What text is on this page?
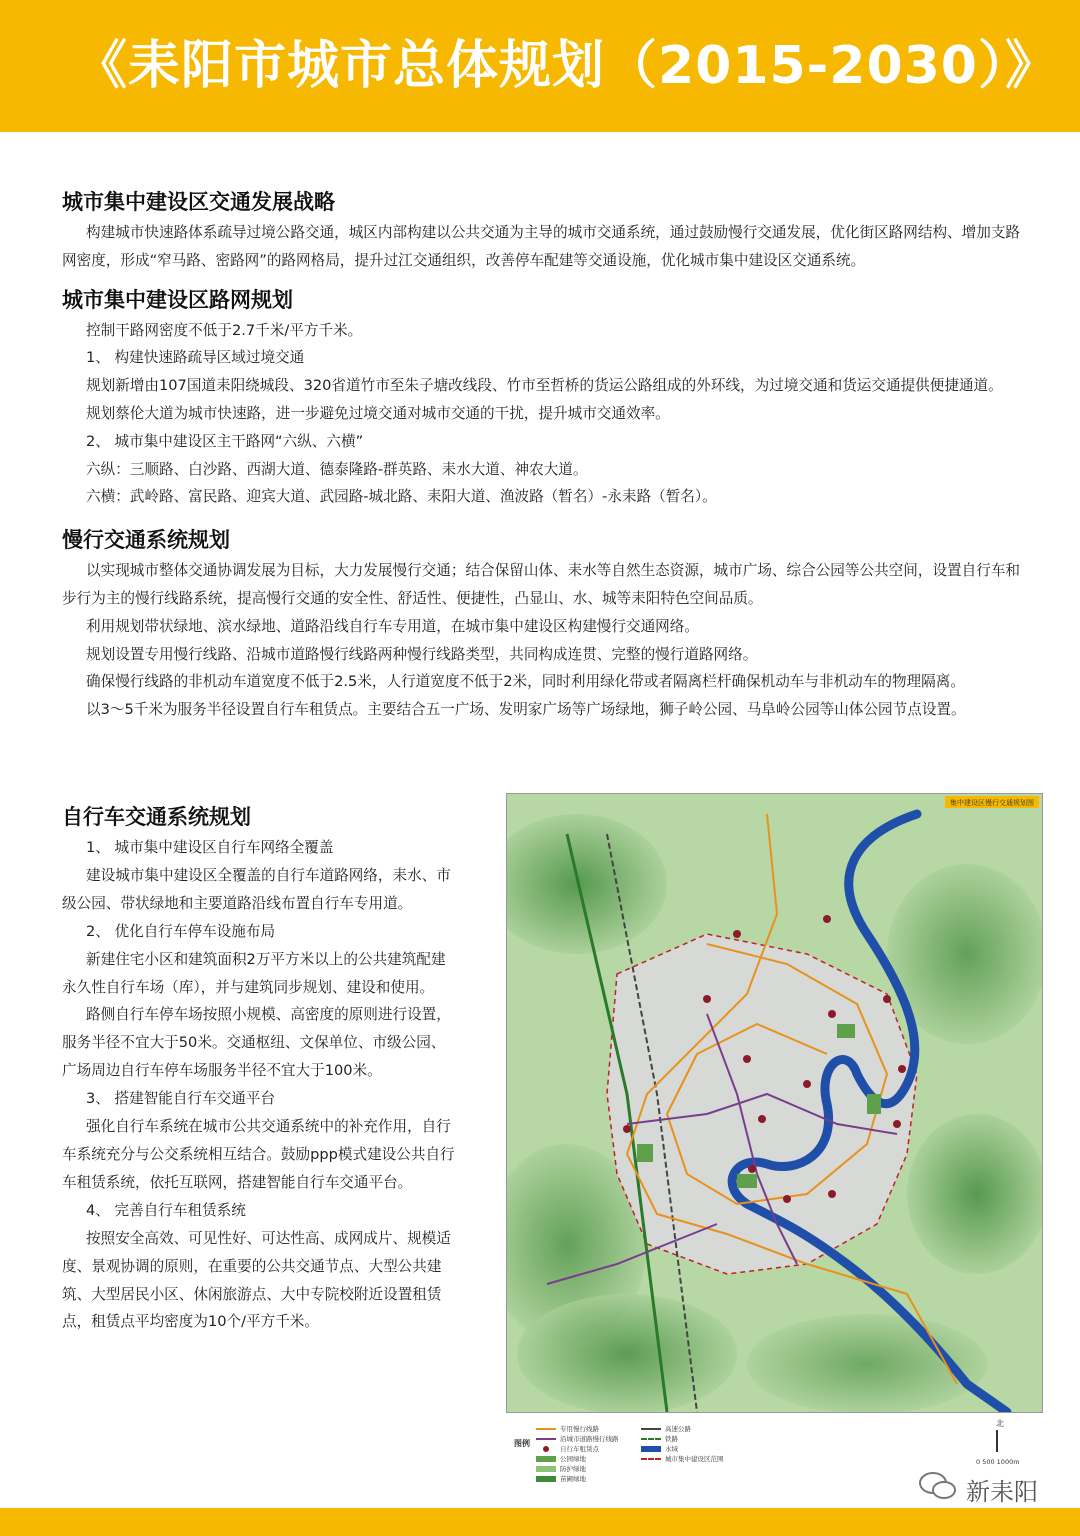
《耒阳市城市总体规划（2015-2030）》
城市集中建设区交通发展战略

构建城市快速路体系疏导过境公路交通，城区内部构建以公共交通为主导的城市交通系统，通过鼓励慢行交通发展，优化街区路网结构、增加支路网密度，形成“窄马路、密路网”的路网格局，提升过江交通组织，改善停车配建等交通设施，优化城市集中建设区交通系统。

城市集中建设区路网规划

控制干路网密度不低于2.7千米/平方千米。

1、 构建快速路疏导区域过境交通

规划新增由107国道耒阳绕城段、320省道竹市至朱子塘改线段、竹市至哲桥的货运公路组成的外环线，为过境交通和货运交通提供便捷通道。

规划蔡伦大道为城市快速路，进一步避免过境交通对城市交通的干扰，提升城市交通效率。

2、 城市集中建设区主干路网“六纵、六横”

六纵：三顺路、白沙路、西湖大道、德泰隆路-群英路、耒水大道、神农大道。

六横：武岭路、富民路、迎宾大道、武园路-城北路、耒阳大道、渔波路（暂名）-永耒路（暂名）。

慢行交通系统规划

以实现城市整体交通协调发展为目标，大力发展慢行交通；结合保留山体、耒水等自然生态资源，城市广场、综合公园等公共空间，设置自行车和步行为主的慢行线路系统，提高慢行交通的安全性、舒适性、便捷性，凸显山、水、城等耒阳特色空间品质。

利用规划带状绿地、滨水绿地、道路沿线自行车专用道，在城市集中建设区构建慢行交通网络。

规划设置专用慢行线路、沿城市道路慢行线路两种慢行线路类型，共同构成连贯、完整的慢行道路网络。

确保慢行线路的非机动车道宽度不低于2.5米，人行道宽度不低于2米，同时利用绿化带或者隔离栏杆确保机动车与非机动车的物理隔离。

以3～5千米为服务半径设置自行车租赁点。主要结合五一广场、发明家广场等广场绿地，狮子岭公园、马阜岭公园等山体公园节点设置。

自行车交通系统规划

1、 城市集中建设区自行车网络全覆盖

建设城市集中建设区全覆盖的自行车道路网络，耒水、市级公园、带状绿地和主要道路沿线布置自行车专用道。

2、 优化自行车停车设施布局

新建住宅小区和建筑面积2万平方米以上的公共建筑配建永久性自行车场（库），并与建筑同步规划、建设和使用。

路侧自行车停车场按照小规模、高密度的原则进行设置，服务半径不宜大于50米。交通枢纽、文保单位、市级公园、广场周边自行车停车场服务半径不宜大于100米。

3、 搭建智能自行车交通平台

强化自行车系统在城市公共交通系统中的补充作用，自行车系统充分与公交系统相互结合。鼓励ppp模式建设公共自行车租赁系统，依托互联网，搭建智能自行车交通平台。

4、 完善自行车租赁系统

按照安全高效、可见性好、可达性高、成网成片、规模适度、景观协调的原则，在重要的公共交通节点、大型公共建筑、大型居民小区、休闲旅游点、大中专院校附近设置租赁点，租赁点平均密度为10个/平方千米。

集中建设区慢行交通规划图
图例
专用慢行线路
沿城市道路慢行线路
自行车租赁点
公园绿地
防护绿地
苗圃绿地
高速公路
铁路
水域
城市集中建设区范围
北
0 500 1000m
新耒阳
